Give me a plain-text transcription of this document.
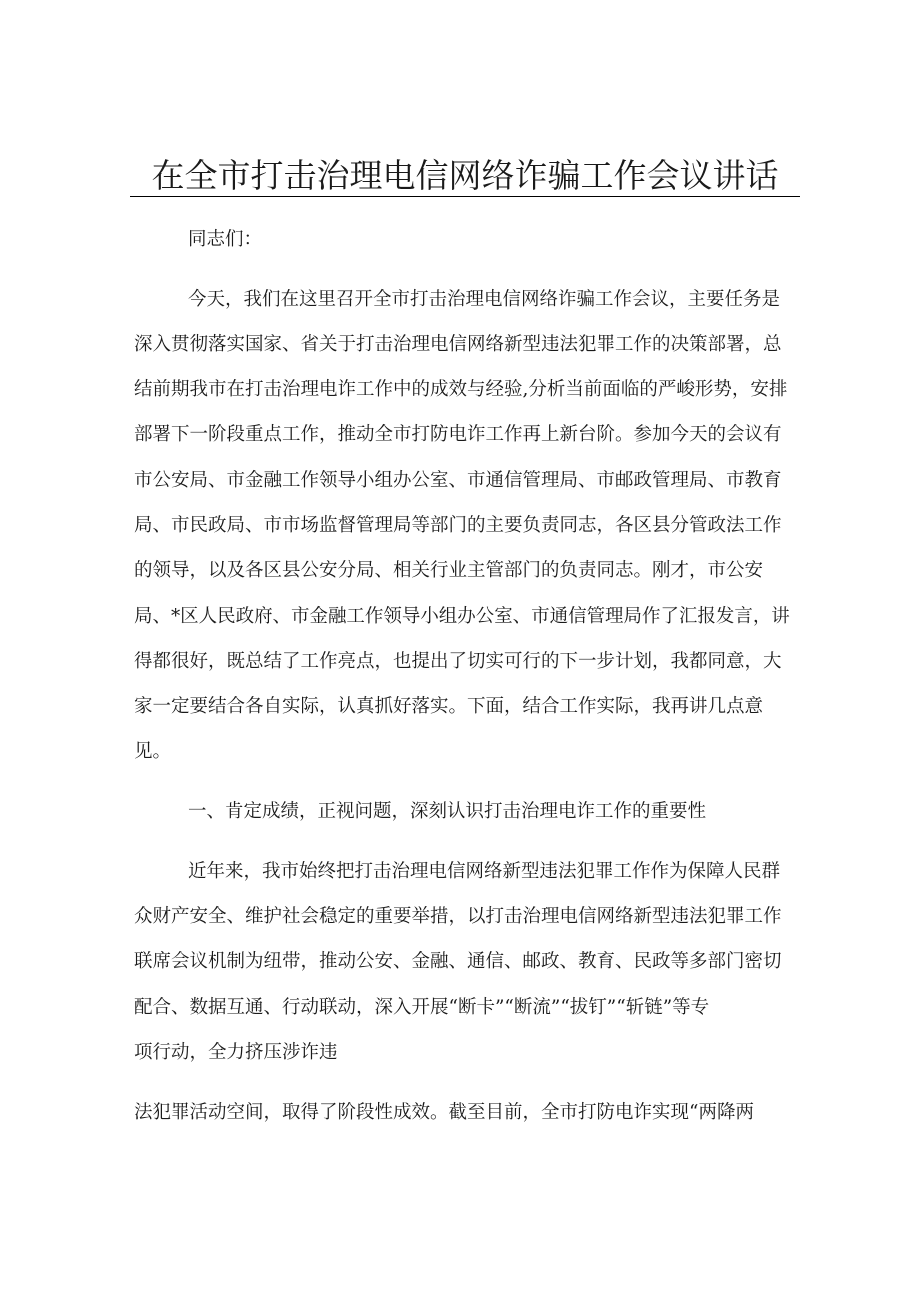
在全市打击治理电信网络诈骗工作会议讲话

同志们：

今天，我们在这里召开全市打击治理电信网络诈骗工作会议，主要任务是

深入贯彻落实国家、省关于打击治理电信网络新型违法犯罪工作的决策部署，总

结前期我市在打击治理电诈工作中的成效与经验,分析当前面临的严峻形势，安排

部署下一阶段重点工作，推动全市打防电诈工作再上新台阶。参加今天的会议有

市公安局、市金融工作领导小组办公室、市通信管理局、市邮政管理局、市教育

局、市民政局、市市场监督管理局等部门的主要负责同志，各区县分管政法工作

的领导，以及各区县公安分局、相关行业主管部门的负责同志。刚才，市公安

局、*区人民政府、市金融工作领导小组办公室、市通信管理局作了汇报发言，讲

得都很好，既总结了工作亮点，也提出了切实可行的下一步计划，我都同意，大

家一定要结合各自实际，认真抓好落实。下面，结合工作实际，我再讲几点意

见。

一、肯定成绩，正视问题，深刻认识打击治理电诈工作的重要性

近年来，我市始终把打击治理电信网络新型违法犯罪工作作为保障人民群

众财产安全、维护社会稳定的重要举措，以打击治理电信网络新型违法犯罪工作

联席会议机制为纽带，推动公安、金融、通信、邮政、教育、民政等多部门密切

配合、数据互通、行动联动，深入开展“断卡”“断流”“拔钉”“斩链”等专

项行动，全力挤压涉诈违

法犯罪活动空间，取得了阶段性成效。截至目前，全市打防电诈实现“两降两
